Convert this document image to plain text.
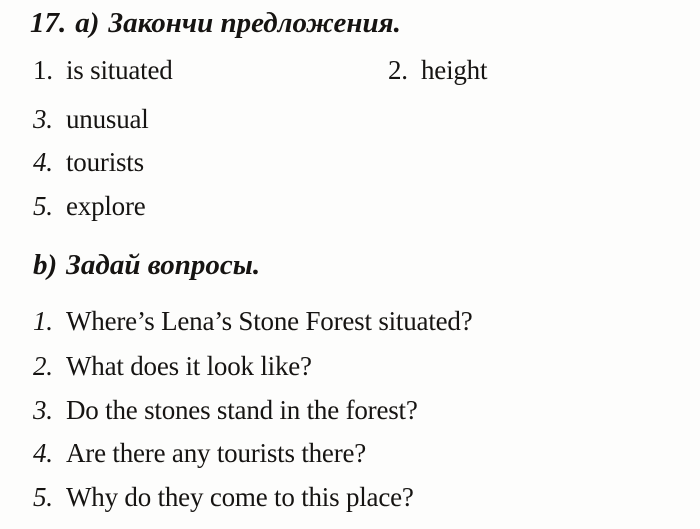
17. а) Закончи предложения.
1. is situated	2. height
3. unusual
4. tourists
5. explore
b) Задай вопросы.
1. Where’s Lena’s Stone Forest situated?
2. What does it look like?
3. Do the stones stand in the forest?
4. Are there any tourists there?
5. Why do they come to this place?
